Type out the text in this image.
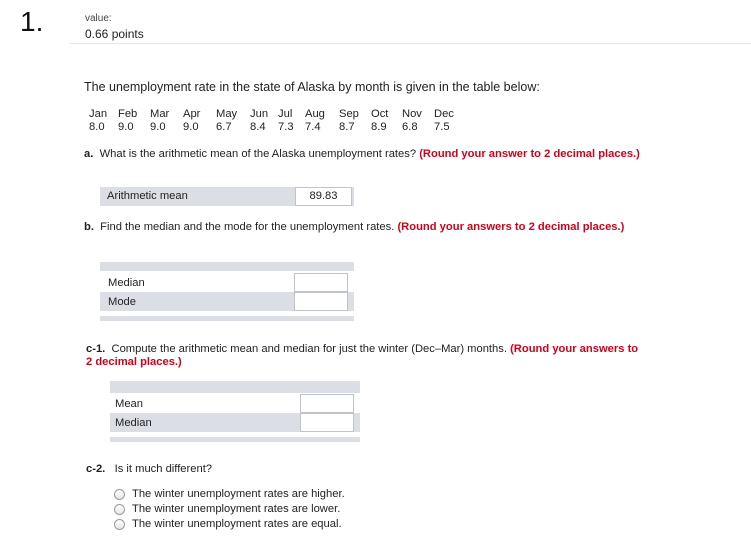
1.	value:
0.66 points
The unemployment rate in the state of Alaska by month is given in the table below:
Jan Feb Mar Apr May Jun Jul Aug Sep Oct Nov Dec
8.0 9.0 9.0 9.0 6.7 8.4 7.3 7.4 8.7 8.9 6.8 7.5
a. What is the arithmetic mean of the Alaska unemployment rates? (Round your answer to 2 decimal places.)
Arithmetic mean	89.83
b. Find the median and the mode for the unemployment rates. (Round your answers to 2 decimal places.)
Median
Mode
c-1. Compute the arithmetic mean and median for just the winter (Dec–Mar) months. (Round your answers to 2 decimal places.)
Mean
Median
c-2. Is it much different?
The winter unemployment rates are higher.
The winter unemployment rates are lower.
The winter unemployment rates are equal.
